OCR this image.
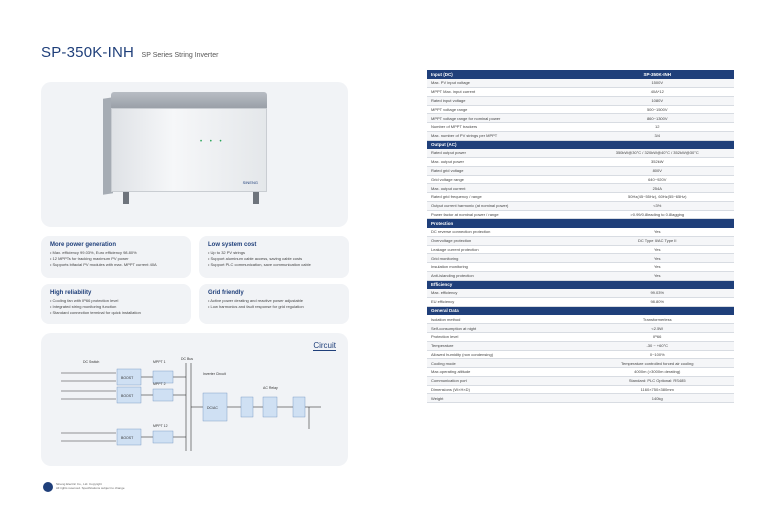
SP-350K-INH SP Series String Inverter
• • •
SINENG
More power generation
• Max. efficiency 99.03%, Euro efficiency 98.80%
• 12 MPPTs for tracking maximum PV power
• Supports bifacial PV modules with max. MPPT current 40A
Low system cost
• Up to 32 PV strings
• Support aluminum cable access, saving cable costs
• Support PLC communication, save communication cable
High reliability
• Cooling fan with IP66 protection level
• Integrated string monitoring function
• Standard connection terminal for quick installation
Grid friendly
• Active power derating and reactive power adjustable
• Low harmonics and fault response for grid regulation
Circuit
DC Switch	MPPT 1
MPPT 2
MPPT 12
DC Bus
Inverter Circuit
DC/AC
AC Relay
BOOST
BOOST
BOOST
Sineng Electric Co., Ltd. Copyright
All rights reserved. Specifications subject to change
Input (DC)	SP-350K-INH
Max. PV input voltage	1500V
MPPT Max. input current	40A*12
Rated input voltage	1080V
MPPT voltage range	500~1500V
MPPT voltage range for nominal power	860~1300V
Number of MPPT trackers	12
Max. number of PV strings per MPPT	3/4
Output (AC)	
Rated output power	350kW@30°C / 320kW@40°C / 352kW@30°C
Max. output power	352kW
Rated grid voltage	800V
Grid voltage range	640~920V
Max. output current	254A
Rated grid frequency / range	50Hz(45~55Hz), 60Hz(55~65Hz)
Output current harmonic (at nominal power)	<3%
Power factor at nominal power / range	>0.99/0.8leading to 0.8lagging
Protection	
DC reverse connection protection	Yes
Overvoltage protection	DC Type II/AC Type II
Leakage current protection	Yes
Grid monitoring	Yes
Insulation monitoring	Yes
Anti-islanding protection	Yes
Efficiency	
Max. efficiency	99.03%
EU efficiency	98.80%
General Data	
Isolation method	Transformerless
Self-consumption at night	<2.5W
Protection level	IP66
Temperature	-30 ~ +60°C
Allowed humidity (non condensing)	0~100%
Cooling mode	Temperature controlled forced air cooling
Max.operating altitude	4000m (>3000m derating)
Communication port	Standard: PLC Optional: RS485
Dimensions (W×H×D)	1160×750×380mm
Weight	140kg
